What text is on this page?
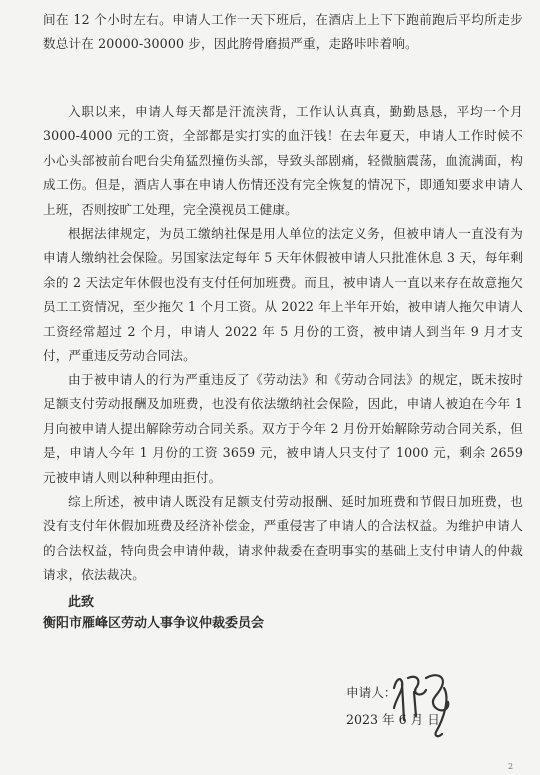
间在 12 个小时左右。申请人工作一天下班后，在酒店上上下下跑前跑后平均所走步数总计在 20000-30000 步，因此胯骨磨损严重，走路咔咔着响。

入职以来，申请人每天都是汗流浃背，工作认认真真，勤勤恳恳，平均一个月 3000-4000 元的工资，全部都是实打实的血汗钱！在去年夏天，申请人工作时候不小心头部被前台吧台尖角猛烈撞伤头部，导致头部剧痛，轻微脑震荡，血流满面，构成工伤。但是，酒店人事在申请人伤情还没有完全恢复的情况下，即通知要求申请人上班，否则按旷工处理，完全漠视员工健康。

根据法律规定，为员工缴纳社保是用人单位的法定义务，但被申请人一直没有为申请人缴纳社会保险。另国家法定每年 5 天年休假被申请人只批准休息 3 天，每年剩余的 2 天法定年休假也没有支付任何加班费。而且，被申请人一直以来存在故意拖欠员工工资情况，至少拖欠 1 个月工资。从 2022 年上半年开始，被申请人拖欠申请人工资经常超过 2 个月，申请人 2022 年 5 月份的工资，被申请人到当年 9 月才支付，严重违反劳动合同法。

由于被申请人的行为严重违反了《劳动法》和《劳动合同法》的规定，既未按时足额支付劳动报酬及加班费，也没有依法缴纳社会保险，因此，申请人被迫在今年 1 月向被申请人提出解除劳动合同关系。双方于今年 2 月份开始解除劳动合同关系，但是，申请人今年 1 月份的工资 3659 元，被申请人只支付了 1000 元，剩余 2659 元被申请人则以种种理由拒付。

综上所述，被申请人既没有足额支付劳动报酬、延时加班费和节假日加班费，也没有支付年休假加班费及经济补偿金，严重侵害了申请人的合法权益。为维护申请人的合法权益，特向贵会申请仲裁，请求仲裁委在查明事实的基础上支付申请人的仲裁请求，依法裁决。

此致

衡阳市雁峰区劳动人事争议仲裁委员会

申请人：

2023 年 6 月 日

2
